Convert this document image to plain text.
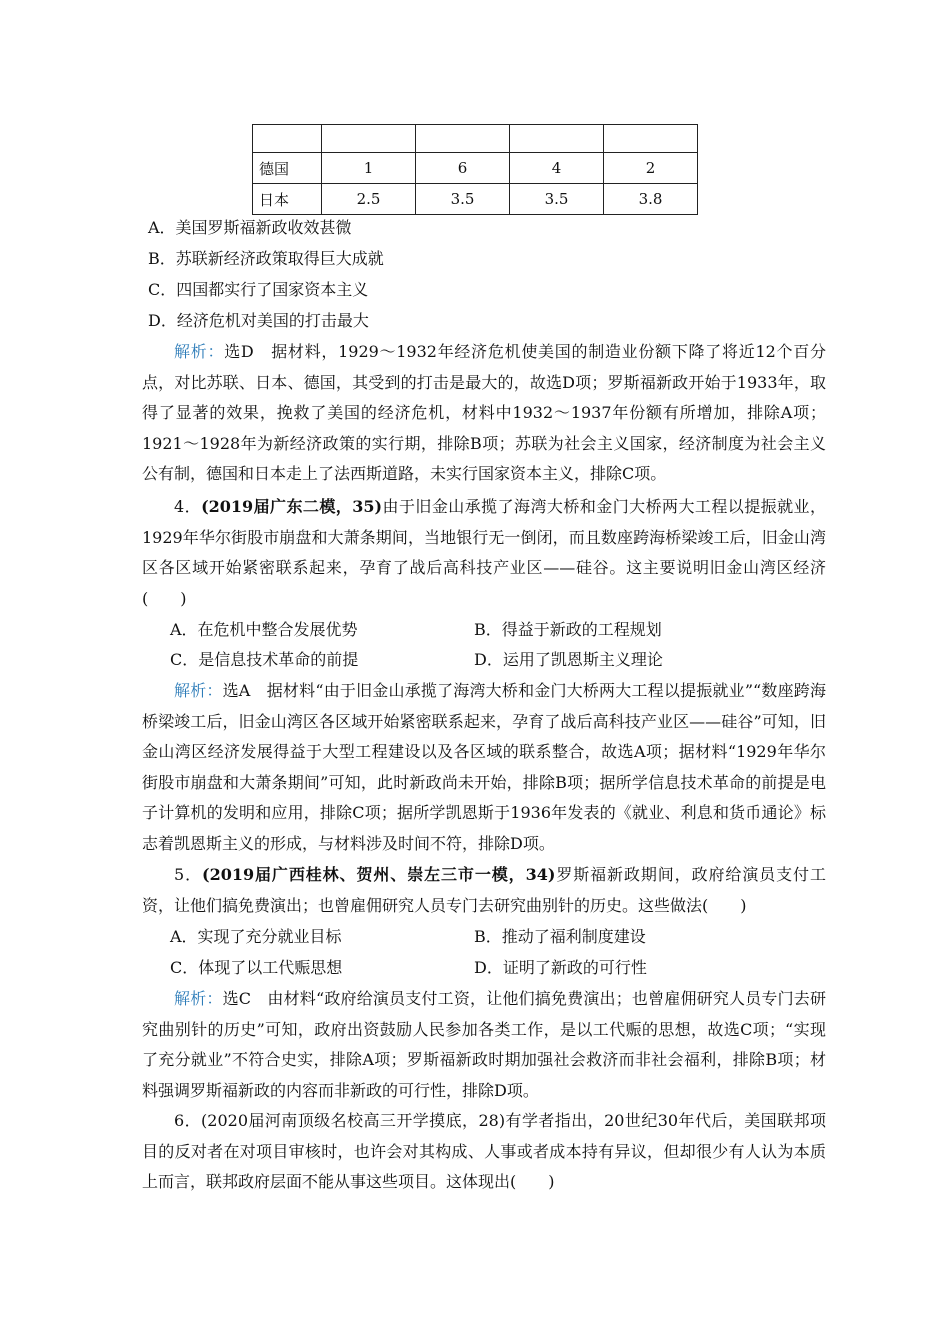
德国	1	6	4	2
日本	2.5	3.5	3.5	3.8
A．美国罗斯福新政收效甚微
B．苏联新经济政策取得巨大成就
C．四国都实行了国家资本主义
D．经济危机对美国的打击最大
解析：选D　据材料，1929～1932年经济危机使美国的制造业份额下降了将近12个百分点，对比苏联、日本、德国，其受到的打击是最大的，故选D项；罗斯福新政开始于1933年，取得了显著的效果，挽救了美国的经济危机，材料中1932～1937年份额有所增加，排除A项；1921～1928年为新经济政策的实行期，排除B项；苏联为社会主义国家，经济制度为社会主义公有制，德国和日本走上了法西斯道路，未实行国家资本主义，排除C项。
4．(2019届广东二模，35)由于旧金山承揽了海湾大桥和金门大桥两大工程以提振就业，1929年华尔街股市崩盘和大萧条期间，当地银行无一倒闭，而且数座跨海桥梁竣工后，旧金山湾区各区域开始紧密联系起来，孕育了战后高科技产业区——硅谷。这主要说明旧金山湾区经济(　　)
A．在危机中整合发展优势	B．得益于新政的工程规划
C．是信息技术革命的前提	D．运用了凯恩斯主义理论
解析：选A　据材料“由于旧金山承揽了海湾大桥和金门大桥两大工程以提振就业”“数座跨海桥梁竣工后，旧金山湾区各区域开始紧密联系起来，孕育了战后高科技产业区——硅谷”可知，旧金山湾区经济发展得益于大型工程建设以及各区域的联系整合，故选A项；据材料“1929年华尔街股市崩盘和大萧条期间”可知，此时新政尚未开始，排除B项；据所学信息技术革命的前提是电子计算机的发明和应用，排除C项；据所学凯恩斯于1936年发表的《就业、利息和货币通论》标志着凯恩斯主义的形成，与材料涉及时间不符，排除D项。
5．(2019届广西桂林、贺州、崇左三市一模，34)罗斯福新政期间，政府给演员支付工资，让他们搞免费演出；也曾雇佣研究人员专门去研究曲别针的历史。这些做法(　　)
A．实现了充分就业目标	B．推动了福利制度建设
C．体现了以工代赈思想	D．证明了新政的可行性
解析：选C　由材料“政府给演员支付工资，让他们搞免费演出；也曾雇佣研究人员专门去研究曲别针的历史”可知，政府出资鼓励人民参加各类工作，是以工代赈的思想，故选C项；“实现了充分就业”不符合史实，排除A项；罗斯福新政时期加强社会救济而非社会福利，排除B项；材料强调罗斯福新政的内容而非新政的可行性，排除D项。
6．(2020届河南顶级名校高三开学摸底，28)有学者指出，20世纪30年代后，美国联邦项目的反对者在对项目审核时，也许会对其构成、人事或者成本持有异议，但却很少有人认为本质上而言，联邦政府层面不能从事这些项目。这体现出(　　)
